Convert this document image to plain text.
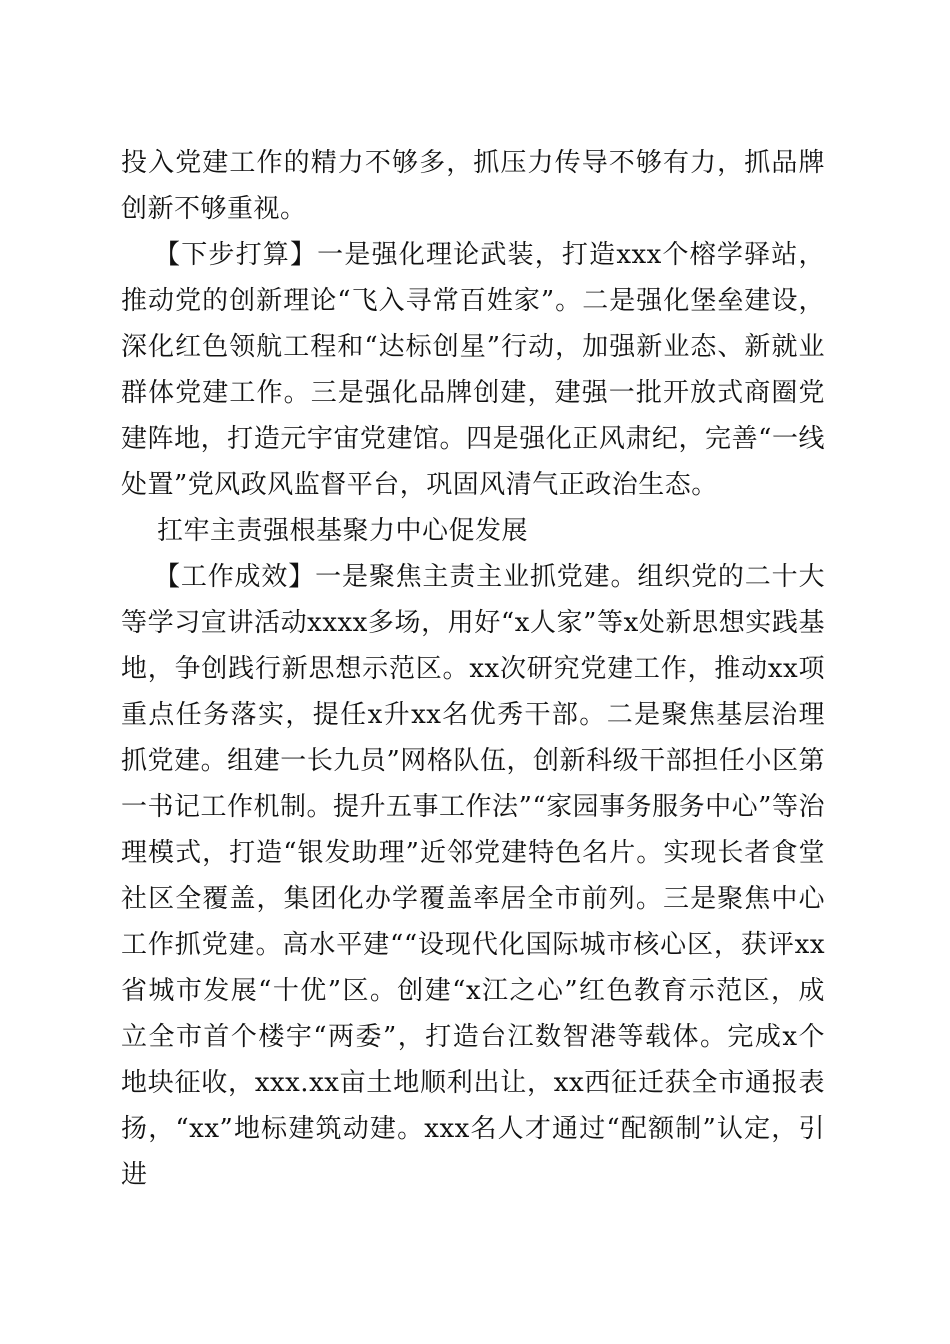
投入党建工作的精力不够多，抓压力传导不够有力，抓品牌创新不够重视。

【下步打算】一是强化理论武装，打造xxx个榕学驿站，推动党的创新理论“飞入寻常百姓家”。二是强化堡垒建设，深化红色领航工程和“达标创星”行动，加强新业态、新就业群体党建工作。三是强化品牌创建，建强一批开放式商圈党建阵地，打造元宇宙党建馆。四是强化正风肃纪，完善“一线处置”党风政风监督平台，巩固风清气正政治生态。

扛牢主责强根基聚力中心促发展

【工作成效】一是聚焦主责主业抓党建。组织党的二十大等学习宣讲活动xxxx多场，用好“x人家”等x处新思想实践基地，争创践行新思想示范区。xx次研究党建工作，推动xx项重点任务落实，提任x升xx名优秀干部。二是聚焦基层治理抓党建。组建一长九员”网格队伍，创新科级干部担任小区第一书记工作机制。提升五事工作法”“家园事务服务中心”等治理模式，打造“银发助理”近邻党建特色名片。实现长者食堂社区全覆盖，集团化办学覆盖率居全市前列。三是聚焦中心工作抓党建。高水平建““设现代化国际城市核心区，获评xx省城市发展“十优”区。创建“x江之心”红色教育示范区，成立全市首个楼宇“两委”，打造台江数智港等载体。完成x个地块征收，xxx.xx亩土地顺利出让，xx西征迁获全市通报表扬，“xx”地标建筑动建。xxx名人才通过“配额制”认定，引进
